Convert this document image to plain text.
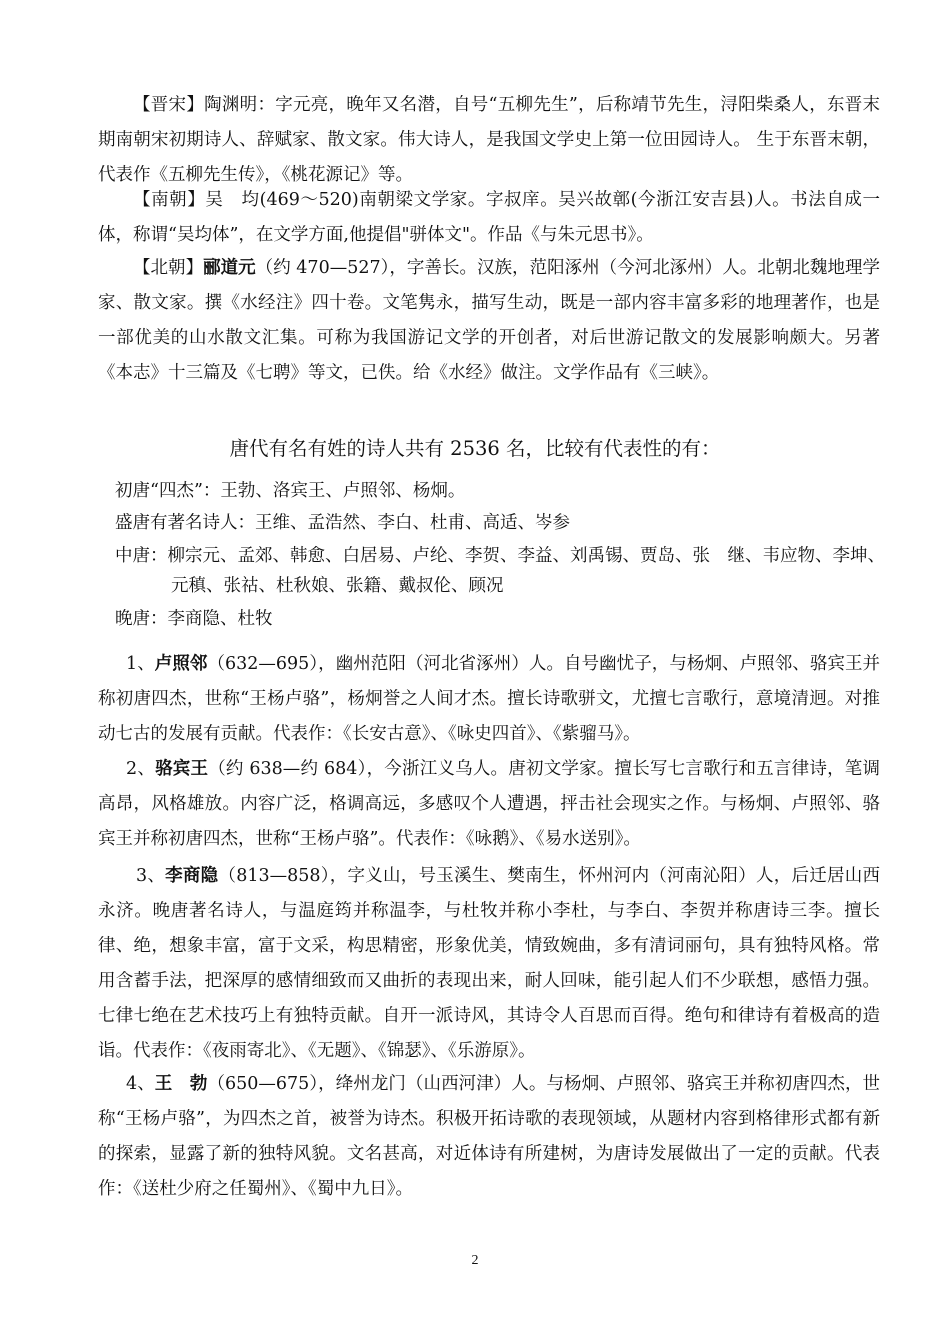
【晋宋】陶渊明：字元亮，晚年又名潜，自号“五柳先生”，后称靖节先生，浔阳柴桑人，东晋末期南朝宋初期诗人、辞赋家、散文家。伟大诗人，是我国文学史上第一位田园诗人。 生于东晋末朝，代表作《五柳先生传》，《桃花源记》等。

【南朝】吴　均(469～520)南朝梁文学家。字叔庠。吴兴故鄣(今浙江安吉县)人。书法自成一体，称谓“吴均体”，在文学方面,他提倡"骈体文"。作品《与朱元思书》。

【北朝】郦道元（约 470—527），字善长。汉族，范阳涿州（今河北涿州）人。北朝北魏地理学家、散文家。撰《水经注》四十卷。文笔隽永，描写生动，既是一部内容丰富多彩的地理著作，也是一部优美的山水散文汇集。可称为我国游记文学的开创者，对后世游记散文的发展影响颇大。另著《本志》十三篇及《七聘》等文，已佚。给《水经》做注。文学作品有《三峡》。

唐代有名有姓的诗人共有 2536 名，比较有代表性的有：

初唐“四杰”：王勃、洛宾王、卢照邻、杨炯。

盛唐有著名诗人：王维、孟浩然、李白、杜甫、高适、岑参

中唐：柳宗元、孟郊、韩愈、白居易、卢纶、李贺、李益、刘禹锡、贾岛、张　继、韦应物、李坤、元稹、张祜、杜秋娘、张籍、戴叔伦、顾况

晚唐：李商隐、杜牧

1、卢照邻（632—695），幽州范阳（河北省涿州）人。自号幽忧子，与杨炯、卢照邻、骆宾王并称初唐四杰，世称“王杨卢骆”，杨炯誉之人间才杰。擅长诗歌骈文，尤擅七言歌行，意境清迥。对推动七古的发展有贡献。代表作：《长安古意》、《咏史四首》、《紫骝马》。

2、骆宾王（约 638—约 684），今浙江义乌人。唐初文学家。擅长写七言歌行和五言律诗，笔调高昂，风格雄放。内容广泛，格调高远，多感叹个人遭遇，抨击社会现实之作。与杨炯、卢照邻、骆宾王并称初唐四杰，世称“王杨卢骆”。代表作：《咏鹅》、《易水送别》。

3、李商隐（813—858），字义山，号玉溪生、樊南生，怀州河内（河南沁阳）人，后迁居山西永济。晚唐著名诗人，与温庭筠并称温李，与杜牧并称小李杜，与李白、李贺并称唐诗三李。擅长律、绝，想象丰富，富于文采，构思精密，形象优美，情致婉曲，多有清词丽句，具有独特风格。常用含蓄手法，把深厚的感情细致而又曲折的表现出来，耐人回味，能引起人们不少联想，感悟力强。七律七绝在艺术技巧上有独特贡献。自开一派诗风，其诗令人百思而百得。绝句和律诗有着极高的造诣。代表作：《夜雨寄北》、《无题》、《锦瑟》、《乐游原》。

4、王　勃（650—675），绛州龙门（山西河津）人。与杨炯、卢照邻、骆宾王并称初唐四杰，世称“王杨卢骆”，为四杰之首，被誉为诗杰。积极开拓诗歌的表现领域，从题材内容到格律形式都有新的探索，显露了新的独特风貌。文名甚高，对近体诗有所建树，为唐诗发展做出了一定的贡献。代表作：《送杜少府之任蜀州》、《蜀中九日》。

2
